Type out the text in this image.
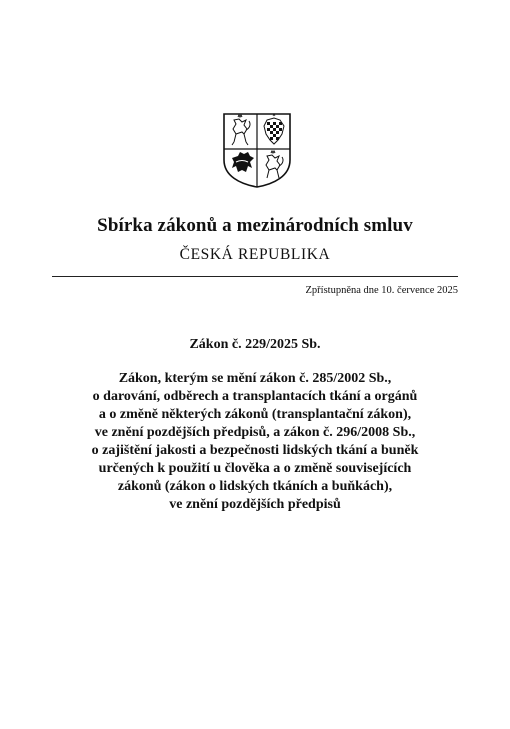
Sbírka zákonů a mezinárodních smluv
ČESKÁ REPUBLIKA
Zpřístupněna dne 10. července 2025
Zákon č. 229/2025 Sb.
Zákon, kterým se mění zákon č. 285/2002 Sb.,
o darování, odběrech a transplantacích tkání a orgánů
a o změně některých zákonů (transplantační zákon),
ve znění pozdějších předpisů, a zákon č. 296/2008 Sb.,
o zajištění jakosti a bezpečnosti lidských tkání a buněk
určených k použití u člověka a o změně souvisejících
zákonů (zákon o lidských tkáních a buňkách),
ve znění pozdějších předpisů
